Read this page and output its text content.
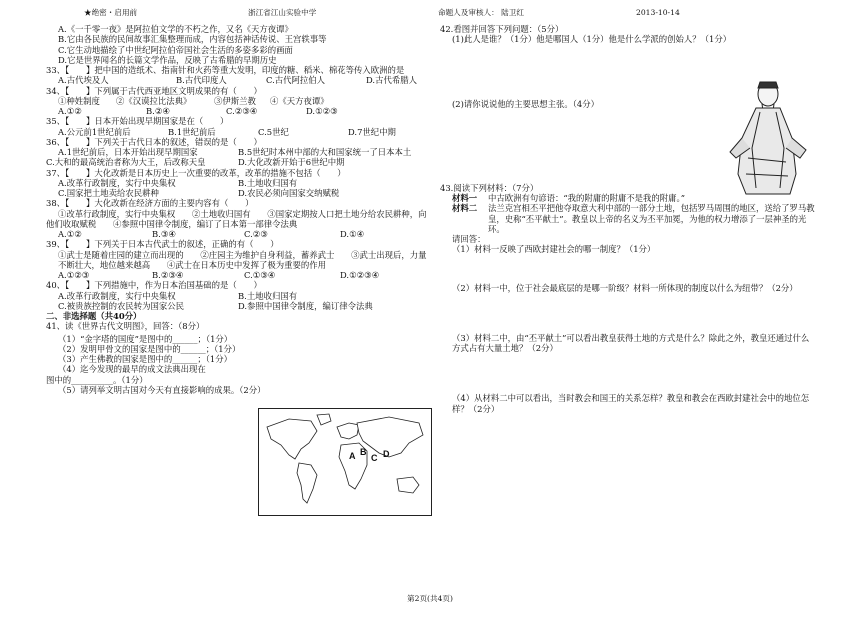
★绝密・启用前	浙江省江山实验中学	命题人及审核人： 陆卫红	2013-10-14

A.《一千零一夜》是阿拉伯文学的不朽之作，又名《天方夜谭》

B.它由各民族的民间故事汇集整理而成，内容包括神话传说、王宫轶事等

C.它生动地描绘了中世纪阿拉伯帝国社会生活的多姿多彩的画面

D.它是世界闻名的长篇文学作品，反映了古希腊的早期历史

33、【　　】把中国的造纸术、指南针和火药等重大发明，印度的糖、稻米、棉花等传入欧洲的是

A.古代埃及人	B.古代印度人	C.古代阿拉伯人	D.古代希腊人

34、【　　】下列属于古代西亚地区文明成果的有（　　）

①种姓制度	②《汉谟拉比法典》	③伊斯兰教	④《天方夜谭》
A.①②	B.②④	C.②③④	D.①②③

35、【　　】日本开始出现早期国家是在（　　）

A.公元前1世纪前后	B.1世纪前后	C.5世纪	D.7世纪中期

36、【　　】下列关于古代日本的叙述，错误的是（　　）

A.1世纪前后，日本开始出现早期国家	B.5世纪时本州中部的大和国家统一了日本本土
C.大和的最高统治者称为大王，后改称天皇	D.大化改新开始于6世纪中期

37、【　　】大化改新是日本历史上一次重要的改革，改革的措施不包括（　　）

A.改革行政制度，实行中央集权	B.土地收归国有
C.国家把土地卖给农民耕种	D.农民必须向国家交纳赋税

38、【　　】大化改新在经济方面的主要内容有（　　）

①改革行政制度，实行中央集权　　②土地收归国有　　③国家定期按人口把土地分给农民耕种，向

他们收取赋税　　④参照中国律令制度，编订了日本第一部律令法典

A.①②	B.③④	C.②③	D.①④

39、【　　】下列关于日本古代武士的叙述，正确的有（　　）

①武士是随着庄园的建立而出现的　　②庄园主为维护自身利益，蓄养武士　　③武士出现后，力量

不断壮大，地位越来越高　　④武士在日本历史中发挥了极为重要的作用

A.①②③	B.②③④	C.①③④	D.①②③④

40、【　　】下列措施中，作为日本治国基础的是（　　）

A.改革行政制度，实行中央集权	B.土地收归国有
C.被贵族控制的农民转为国家公民	D.参照中国律令制度，编订律令法典

二、非选择题（共40分）

41、读《世界古代文明图》，回答：（8分）

（1）“金字塔的国度”是图中的______；（1分）

（2）发明甲骨文的国家是图中的______；（1分）

（3）产生佛教的国家是图中的______；（1分）

（4）迄今发现的最早的成文法典出现在

图中的__________。（1分）

（5）请列举文明古国对今天有直接影响的成果。（2分）

A B
C D

42.看图并回答下列问题：（5分）

(1)此人是谁？（1分）他是哪国人（1分）他是什么学派的创始人？（1分）

(2)请你说说他的主要思想主张。（4分）

43.阅读下列材料：（7分）

材料一	中古欧洲有句谚语：“我的附庸的附庸不是我的附庸。”
材料二	法兰克宫相丕平把他夺取意大利中部的一部分土地，包括罗马周围的地区，送给了罗马教皇，史称“丕平献土”。教皇以上帝的名义为丕平加冕，为他的权力增添了一层神圣的光环。

请回答：

（1）材料一反映了西欧封建社会的哪一制度？（1分）

（2）材料一中，位于社会最底层的是哪一阶级？材料一所体现的制度以什么为纽带？（2分）

（3）材料二中，由“丕平献土”可以看出教皇获得土地的方式是什么？除此之外，教皇还通过什么方式占有大量土地？（2分）

（4）从材料二中可以看出，当时教会和国王的关系怎样？教皇和教会在西欧封建社会中的地位怎样？（2分）

第2页(共4页)
